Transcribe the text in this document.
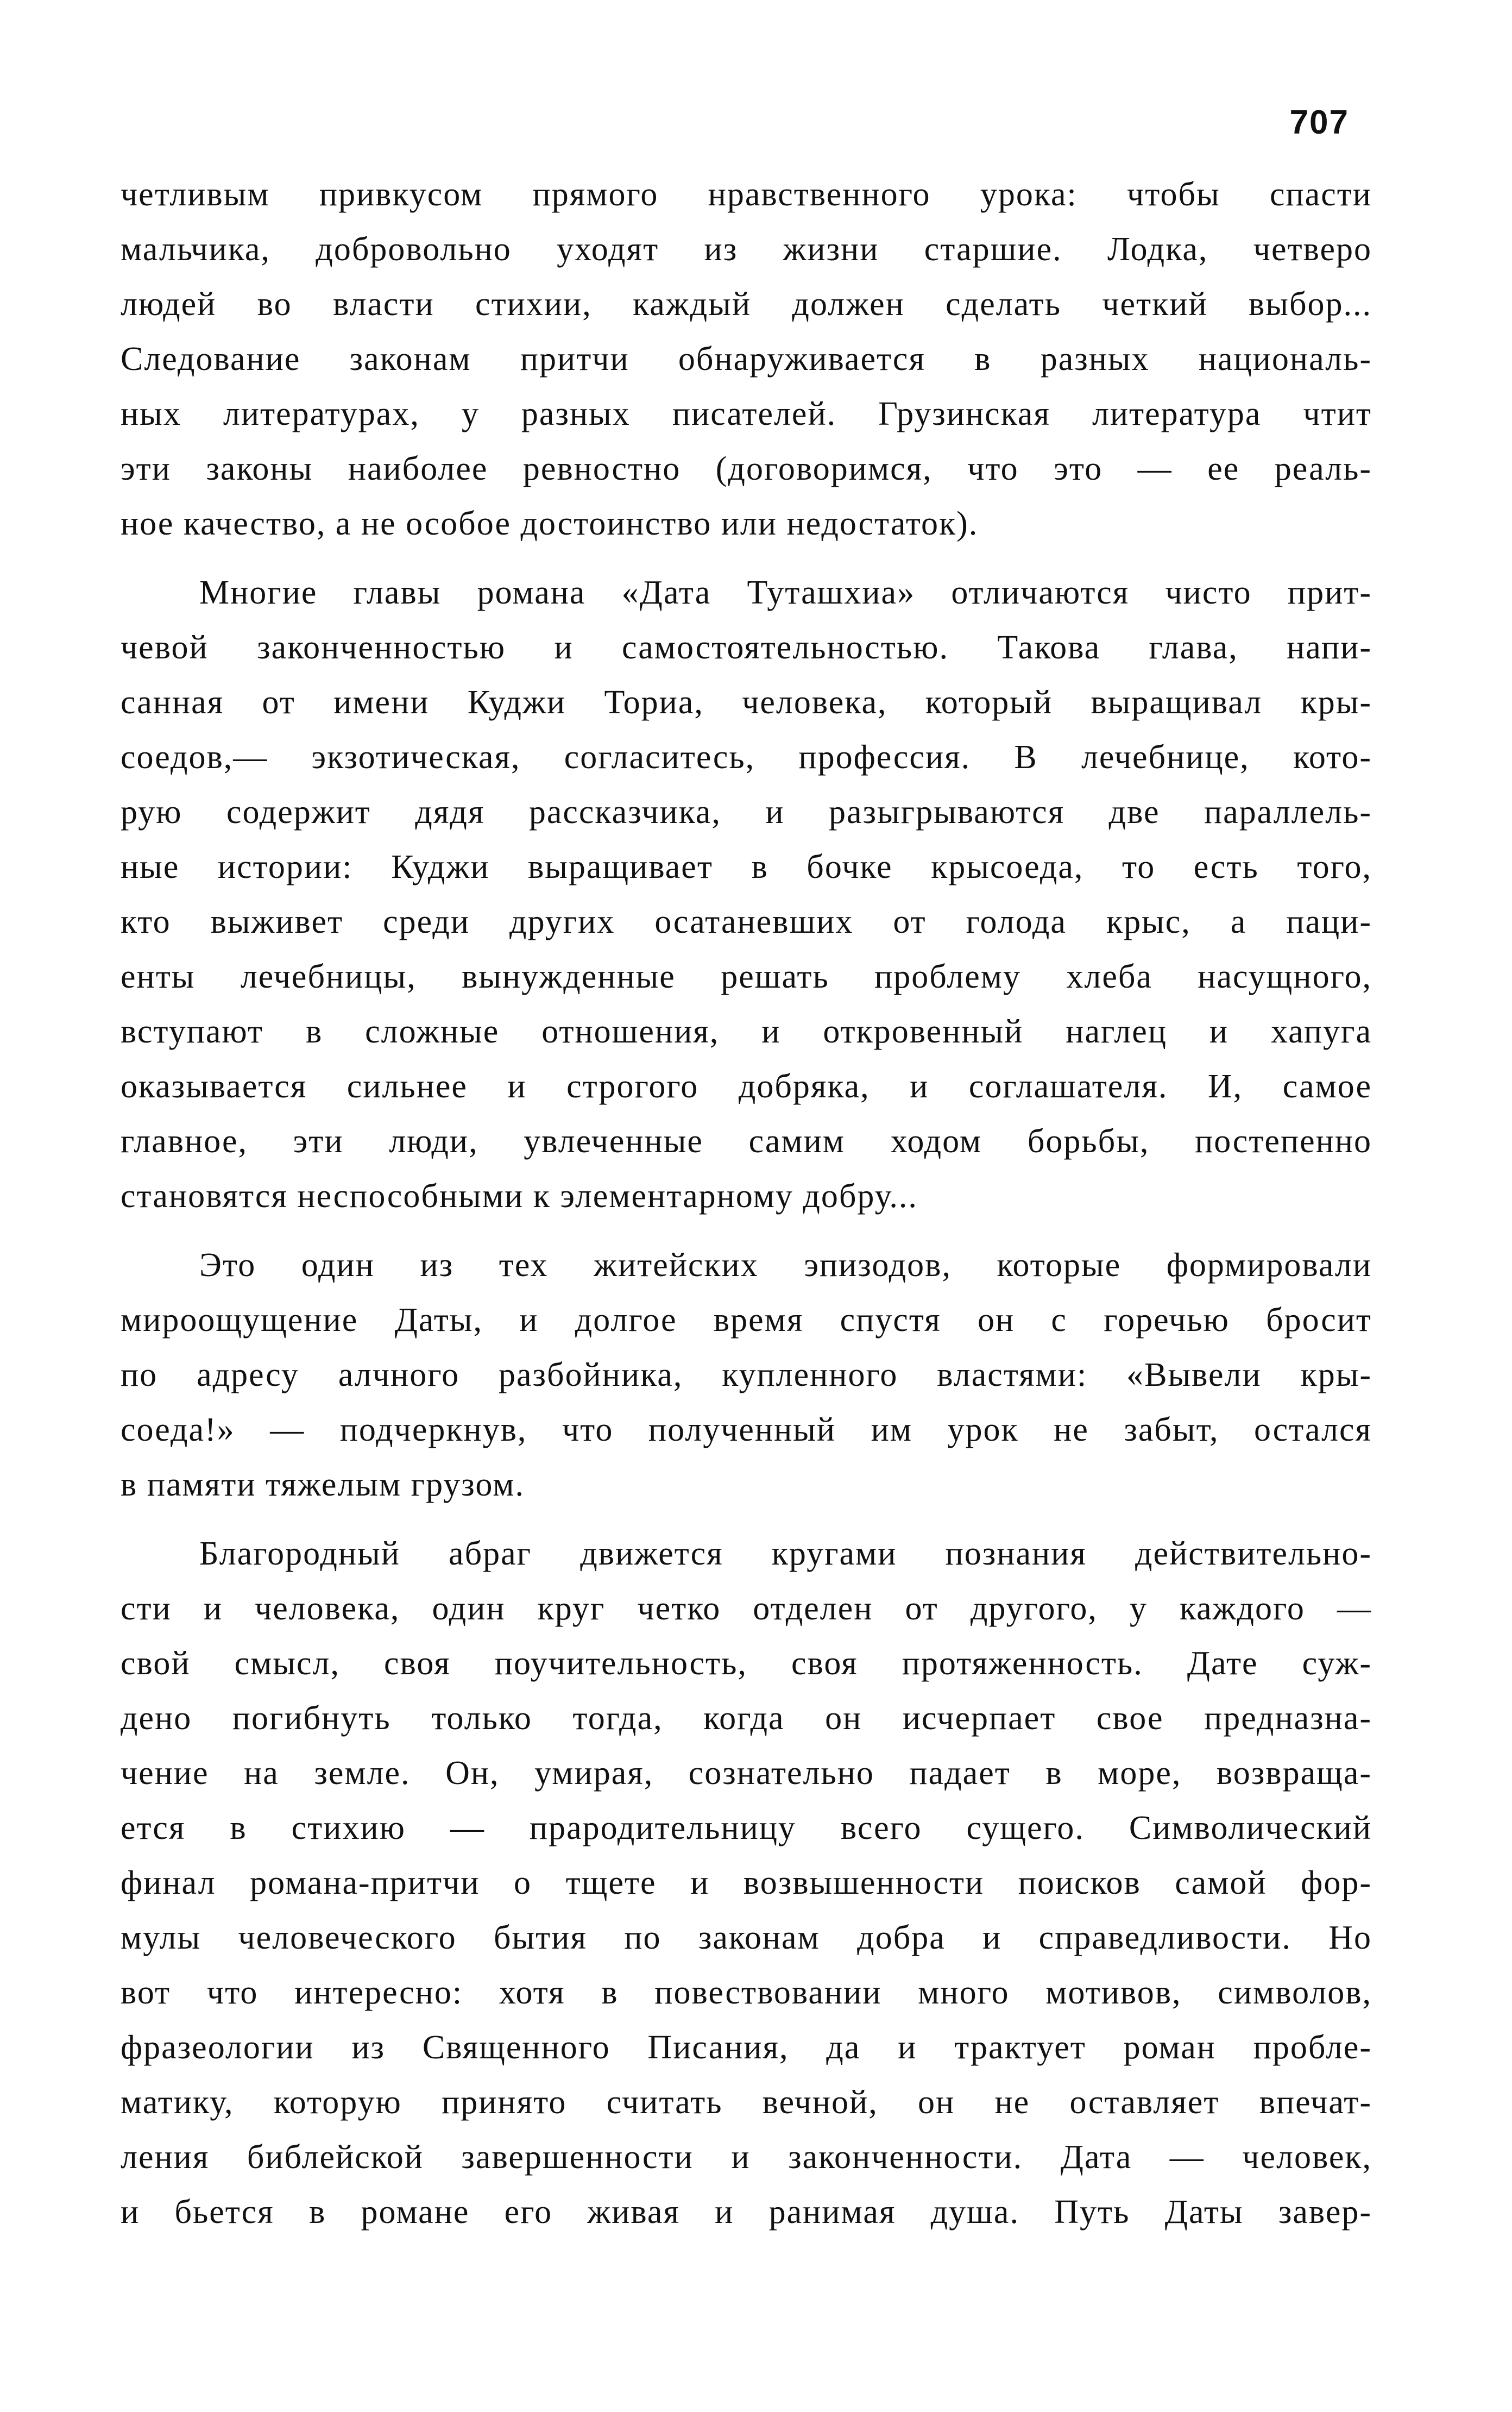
707

четливым привкусом прямого нравственного урока: чтобы спасти
мальчика, добровольно уходят из жизни старшие. Лодка, четверо
людей во власти стихии, каждый должен сделать четкий выбор...
Следование законам притчи обнаруживается в разных националь-
ных литературах, у разных писателей. Грузинская литература чтит
эти законы наиболее ревностно (договоримся, что это — ее реаль-
ное качество, а не особое достоинство или недостаток).

Многие главы романа «Дата Туташхиа» отличаются чисто прит-
чевой законченностью и самостоятельностью. Такова глава, напи-
санная от имени Куджи Ториа, человека, который выращивал кры-
соедов,— экзотическая, согласитесь, профессия. В лечебнице, кото-
рую содержит дядя рассказчика, и разыгрываются две параллель-
ные истории: Куджи выращивает в бочке крысоеда, то есть того,
кто выживет среди других осатаневших от голода крыс, а паци-
енты лечебницы, вынужденные решать проблему хлеба насущного,
вступают в сложные отношения, и откровенный наглец и хапуга
оказывается сильнее и строгого добряка, и соглашателя. И, самое
главное, эти люди, увлеченные самим ходом борьбы, постепенно
становятся неспособными к элементарному добру...

Это один из тех житейских эпизодов, которые формировали
мироощущение Даты, и долгое время спустя он с горечью бросит
по адресу алчного разбойника, купленного властями: «Вывели кры-
соеда!» — подчеркнув, что полученный им урок не забыт, остался
в памяти тяжелым грузом.

Благородный абраг движется кругами познания действительно-
сти и человека, один круг четко отделен от другого, у каждого —
свой смысл, своя поучительность, своя протяженность. Дате суж-
дено погибнуть только тогда, когда он исчерпает свое предназна-
чение на земле. Он, умирая, сознательно падает в море, возвраща-
ется в стихию — прародительницу всего сущего. Символический
финал романа-притчи о тщете и возвышенности поисков самой фор-
мулы человеческого бытия по законам добра и справедливости. Но
вот что интересно: хотя в повествовании много мотивов, символов,
фразеологии из Священного Писания, да и трактует роман пробле-
матику, которую принято считать вечной, он не оставляет впечат-
ления библейской завершенности и законченности. Дата — человек,
и бьется в романе его живая и ранимая душа. Путь Даты завер-
